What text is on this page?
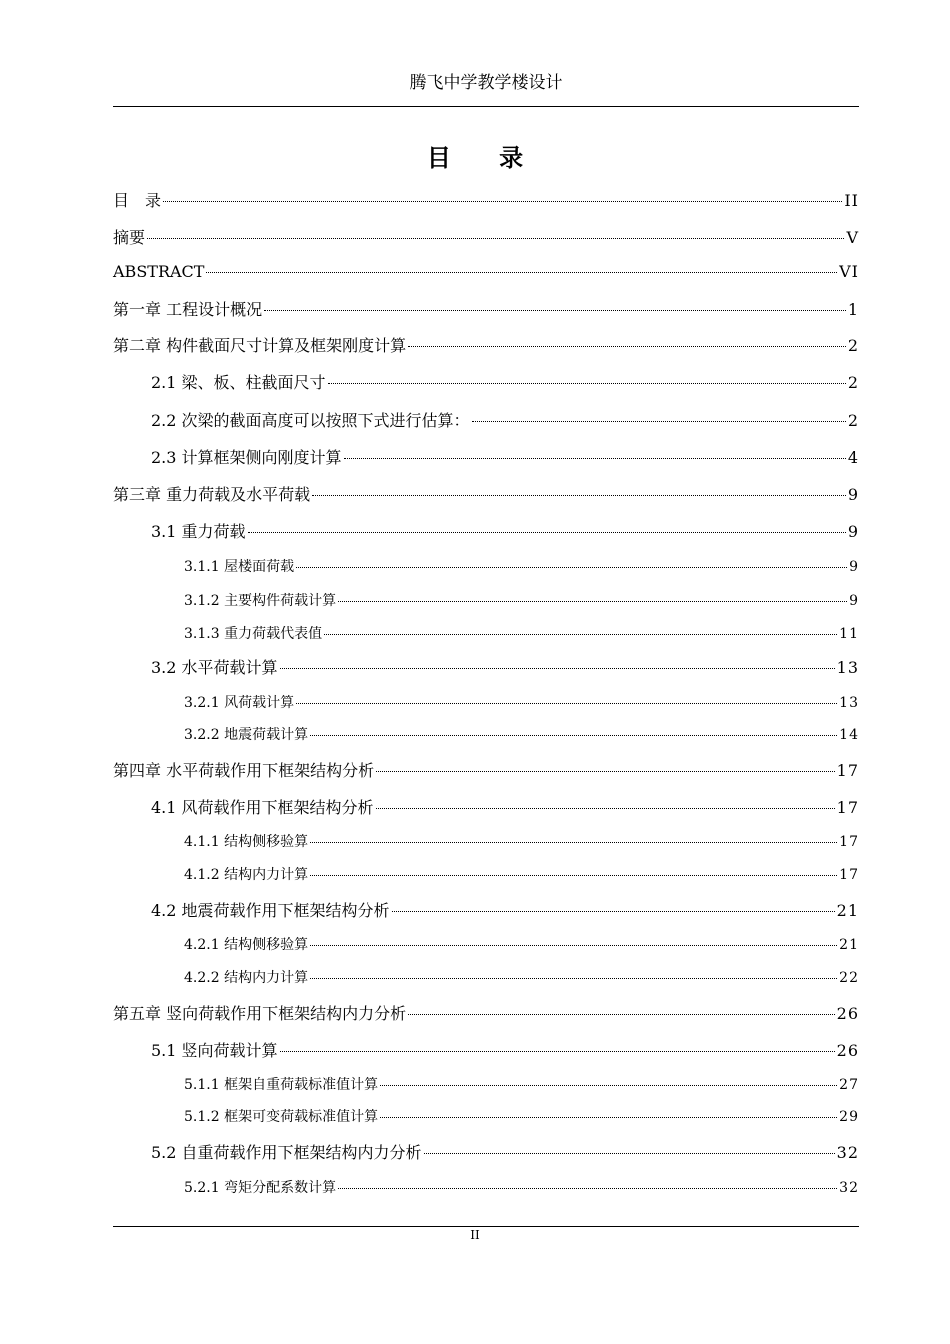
腾飞中学教学楼设计
目 录
目　录	II
摘要	V
ABSTRACT	VI
第一章 工程设计概况	1
第二章 构件截面尺寸计算及框架刚度计算	2
2.1 梁、板、柱截面尺寸	2
2.2 次梁的截面高度可以按照下式进行估算：	2
2.3 计算框架侧向刚度计算	4
第三章 重力荷载及水平荷载	9
3.1 重力荷载	9
3.1.1 屋楼面荷载	9
3.1.2 主要构件荷载计算	9
3.1.3 重力荷载代表值	11
3.2 水平荷载计算	13
3.2.1 风荷载计算	13
3.2.2 地震荷载计算	14
第四章 水平荷载作用下框架结构分析	17
4.1 风荷载作用下框架结构分析	17
4.1.1 结构侧移验算	17
4.1.2 结构内力计算	17
4.2 地震荷载作用下框架结构分析	21
4.2.1 结构侧移验算	21
4.2.2 结构内力计算	22
第五章 竖向荷载作用下框架结构内力分析	26
5.1 竖向荷载计算	26
5.1.1 框架自重荷载标准值计算	27
5.1.2 框架可变荷载标准值计算	29
5.2 自重荷载作用下框架结构内力分析	32
5.2.1 弯矩分配系数计算	32
II
